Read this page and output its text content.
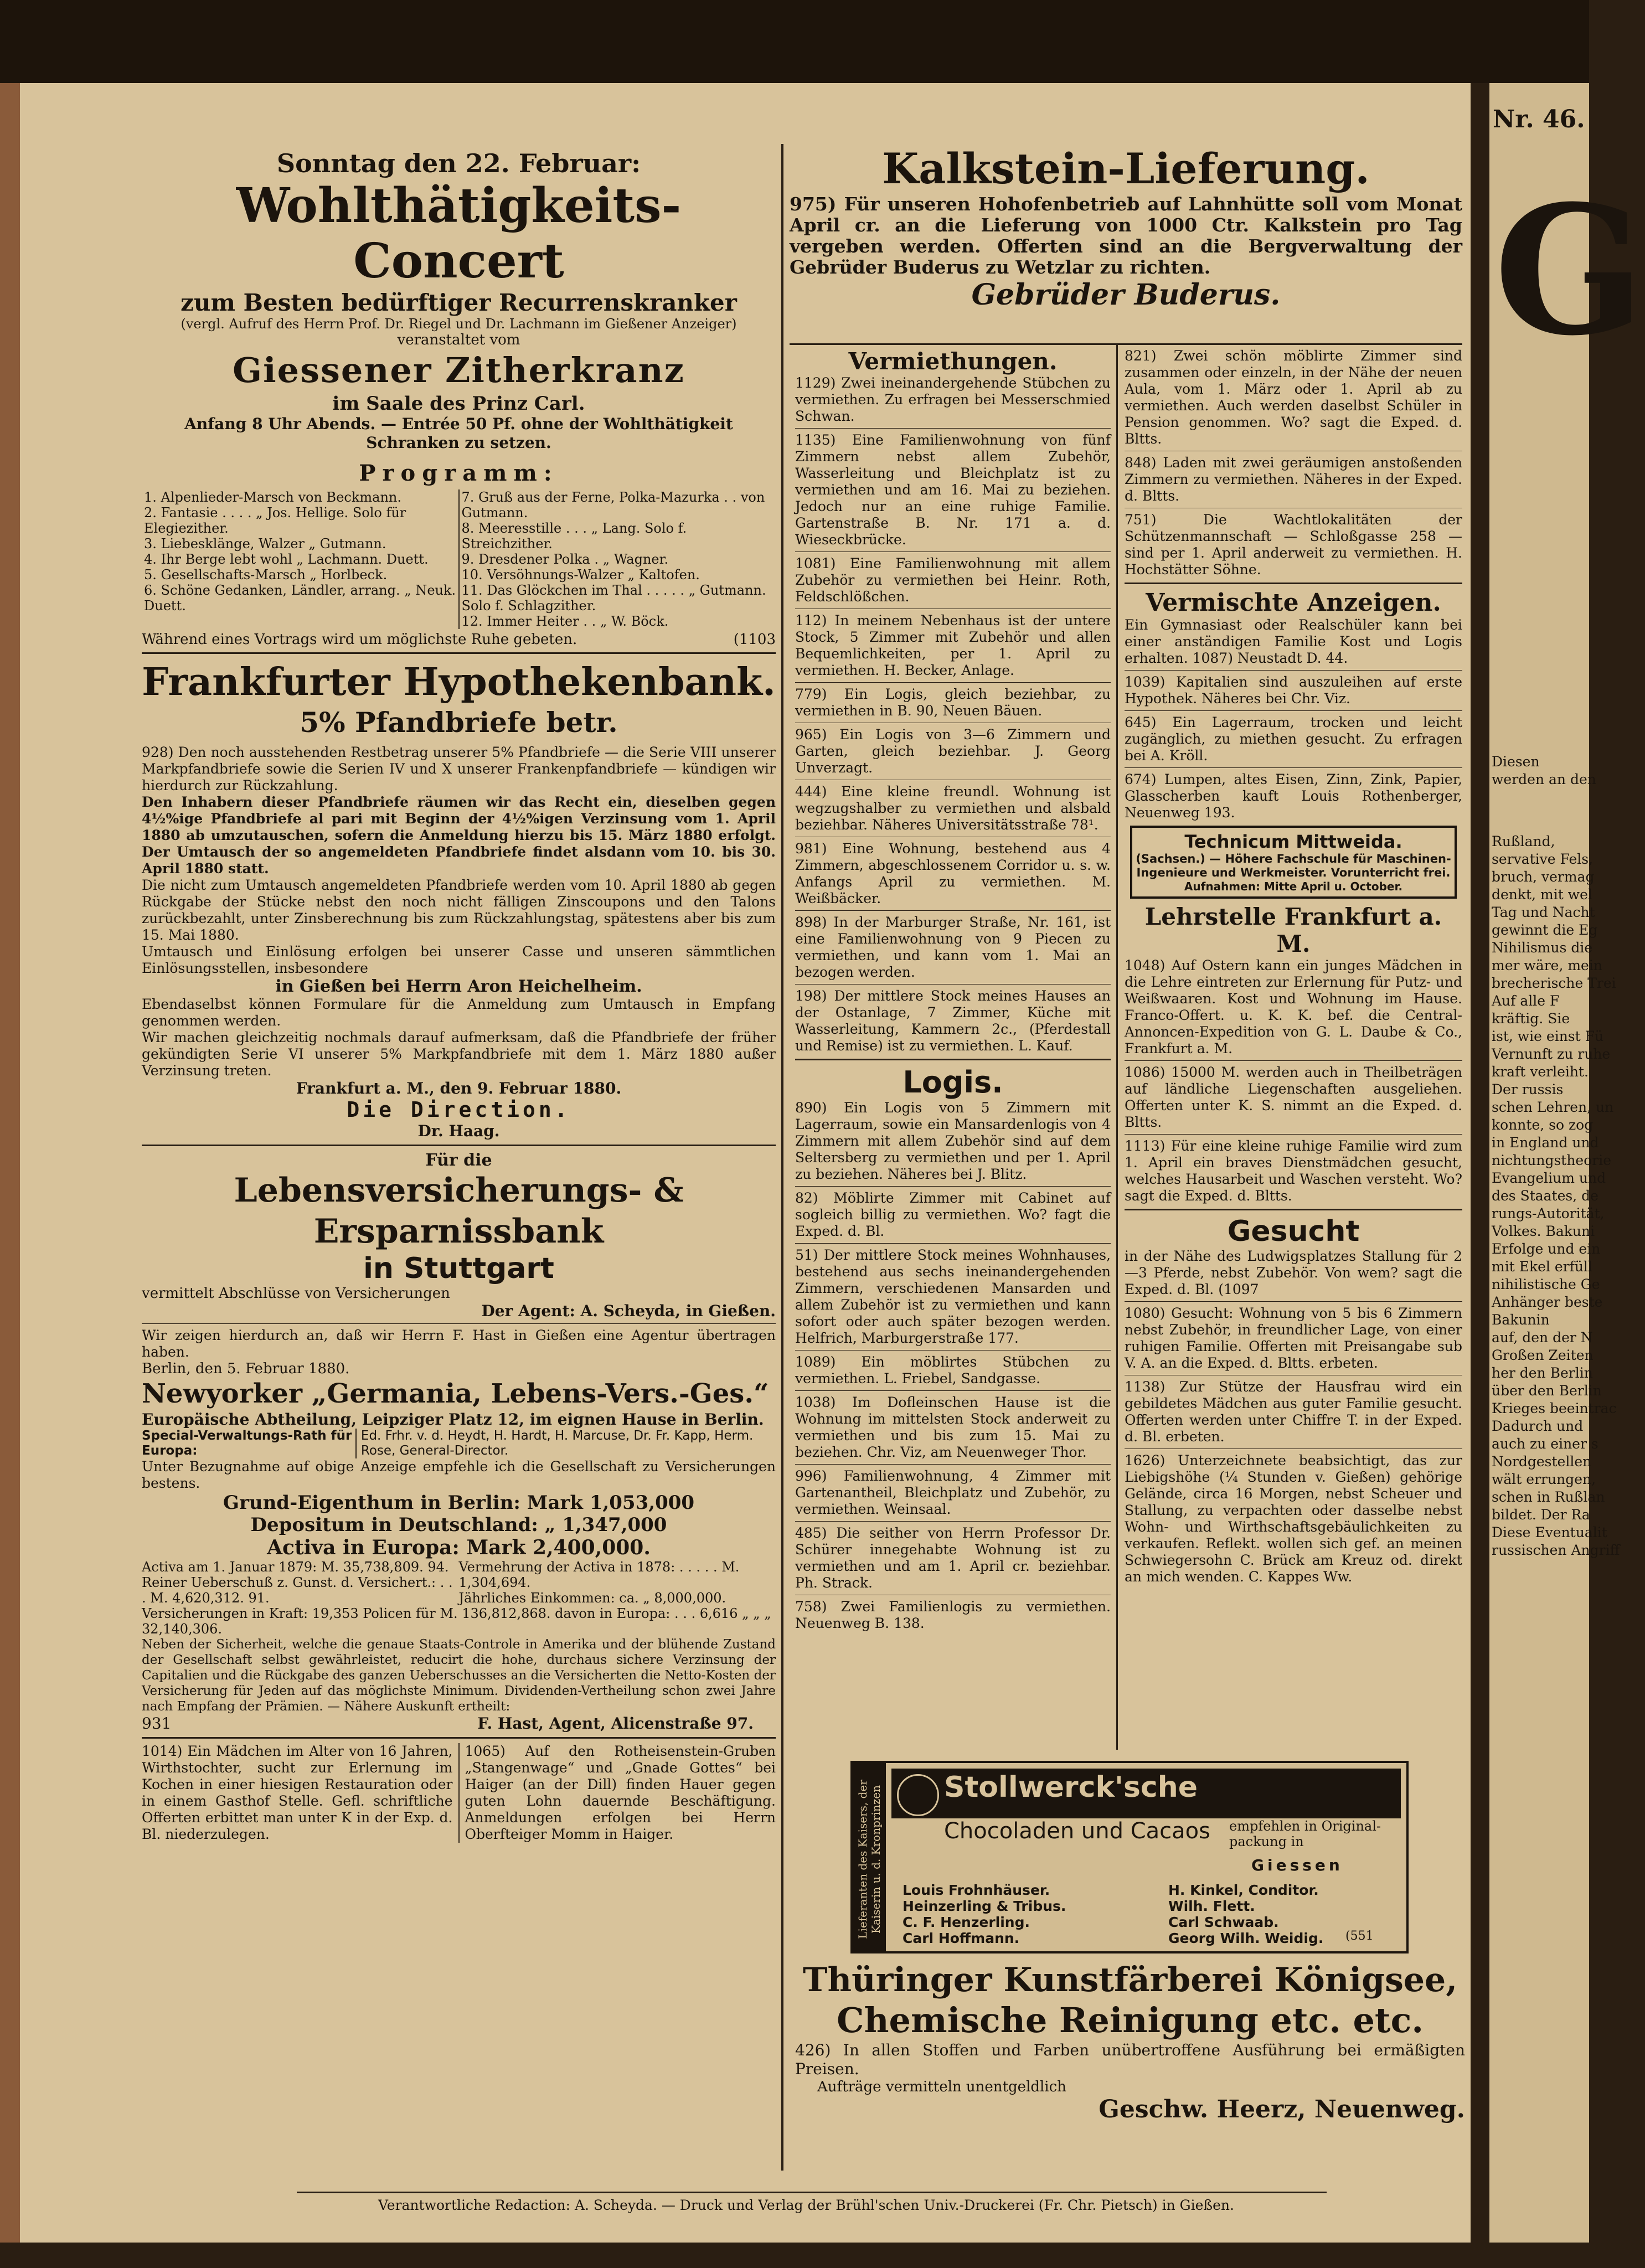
Sonntag den 22. Februar:
Wohlthätigkeits-Concert
zum Besten bedürftiger Recurrenskranker
(vergl. Aufruf des Herrn Prof. Dr. Riegel und Dr. Lachmann im Gießener Anzeiger)
veranstaltet vom
Giessener Zitherkranz
im Saale des Prinz Carl.
Anfang 8 Uhr Abends. — Entrée 50 Pf. ohne der Wohlthätigkeit Schranken zu setzen.
Programm:
1. Alpenlieder-Marsch von Beckmann.
2. Fantasie . . . . „ Jos. Hellige. Solo für Elegiezither.
3. Liebesklänge, Walzer „ Gutmann.
4. Ihr Berge lebt wohl „ Lachmann. Duett.
5. Gesellschafts-Marsch „ Horlbeck.
6. Schöne Gedanken, Ländler, arrang. „ Neuk. Duett.

7. Gruß aus der Ferne, Polka-Mazurka . . von Gutmann.
8. Meeresstille . . . „ Lang. Solo f. Streichzither.
9. Dresdener Polka . „ Wagner.
10. Versöhnungs-Walzer „ Kaltofen.
11. Das Glöckchen im Thal . . . . . „ Gutmann. Solo f. Schlagzither.
12. Immer Heiter . . „ W. Böck.
Während eines Vortrags wird um möglichste Ruhe gebeten.	(1103
Frankfurter Hypothekenbank.
5% Pfandbriefe betr.

928) Den noch ausstehenden Restbetrag unserer 5% Pfandbriefe — die Serie VIII unserer Markpfandbriefe sowie die Serien IV und X unserer Frankenpfandbriefe — kündigen wir hierdurch zur Rückzahlung.

Den Inhabern dieser Pfandbriefe räumen wir das Recht ein, dieselben gegen 4½%ige Pfandbriefe al pari mit Beginn der 4½%igen Verzinsung vom 1. April 1880 ab umzutauschen, sofern die Anmeldung hierzu bis 15. März 1880 erfolgt. Der Umtausch der so angemeldeten Pfandbriefe findet alsdann vom 10. bis 30. April 1880 statt.

Die nicht zum Umtausch angemeldeten Pfandbriefe werden vom 10. April 1880 ab gegen Rückgabe der Stücke nebst den noch nicht fälligen Zinscoupons und den Talons zurückbezahlt, unter Zinsberechnung bis zum Rückzahlungstag, spätestens aber bis zum 15. Mai 1880.

Umtausch und Einlösung erfolgen bei unserer Casse und unseren sämmtlichen Einlösungsstellen, insbesondere

in Gießen bei Herrn Aron Heichelheim.

Ebendaselbst können Formulare für die Anmeldung zum Umtausch in Empfang genommen werden.

Wir machen gleichzeitig nochmals darauf aufmerksam, daß die Pfandbriefe der früher gekündigten Serie VI unserer 5% Markpfandbriefe mit dem 1. März 1880 außer Verzinsung treten.

Frankfurt a. M., den 9. Februar 1880.
Die Direction.
Dr. Haag.
Für die
Lebensversicherungs- & Ersparnissbank
in Stuttgart
vermittelt Abschlüsse von Versicherungen
Der Agent: A. Scheyda, in Gießen.

Wir zeigen hierdurch an, daß wir Herrn F. Hast in Gießen eine Agentur übertragen haben.

Berlin, den 5. Februar 1880.
Newyorker „Germania, Lebens-Vers.-Ges.“
Europäische Abtheilung, Leipziger Platz 12, im eignen Hause in Berlin.
Special-Verwaltungs-Rath für Europa:
Ed. Frhr. v. d. Heydt, H. Hardt, H. Marcuse, Dr. Fr. Kapp, Herm. Rose, General-Director.

Unter Bezugnahme auf obige Anzeige empfehle ich die Gesellschaft zu Versicherungen bestens.

Grund-Eigenthum in Berlin: Mark 1,053,000
Depositum in Deutschland: „ 1,347,000
Activa in Europa: Mark 2,400,000.
Activa am 1. Januar 1879: M. 35,738,809. 94.
Reiner Ueberschuß z. Gunst. d. Versichert.: . . . M. 4,620,312. 91.
Vermehrung der Activa in 1878: . . . . . M. 1,304,694.
Jährliches Einkommen: ca. „ 8,000,000.
Versicherungen in Kraft: 19,353 Policen für M. 136,812,868. davon in Europa: . . . 6,616 „ „ „ 32,140,306.

Neben der Sicherheit, welche die genaue Staats-Controle in Amerika und der blühende Zustand der Gesellschaft selbst gewährleistet, reducirt die hohe, durchaus sichere Verzinsung der Capitalien und die Rückgabe des ganzen Ueberschusses an die Versicherten die Netto-Kosten der Versicherung für Jeden auf das möglichste Minimum. Dividenden-Vertheilung schon zwei Jahre nach Empfang der Prämien. — Nähere Auskunft ertheilt:

931	F. Hast, Agent, Alicenstraße 97.

1014) Ein Mädchen im Alter von 16 Jahren, Wirthstochter, sucht zur Erlernung im Kochen in einer hiesigen Restauration oder in einem Gasthof Stelle. Gefl. schriftliche Offerten erbittet man unter K in der Exp. d. Bl. niederzulegen.

1065) Auf den Rotheisenstein-Gruben „Stangenwage“ und „Gnade Gottes“ bei Haiger (an der Dill) finden Hauer gegen guten Lohn dauernde Beschäftigung. Anmeldungen erfolgen bei Herrn Oberfteiger Momm in Haiger.

Kalkstein-Lieferung.

975) Für unseren Hohofenbetrieb auf Lahnhütte soll vom Monat April cr. an die Lieferung von 1000 Ctr. Kalkstein pro Tag vergeben werden. Offerten sind an die Bergverwaltung der Gebrüder Buderus zu Wetzlar zu richten.

Gebrüder Buderus.
Vermiethungen.

1129) Zwei ineinandergehende Stübchen zu vermiethen. Zu erfragen bei Messerschmied Schwan.

1135) Eine Familienwohnung von fünf Zimmern nebst allem Zubehör, Wasserleitung und Bleichplatz ist zu vermiethen und am 16. Mai zu beziehen. Jedoch nur an eine ruhige Familie. Gartenstraße B. Nr. 171 a. d. Wieseckbrücke.

1081) Eine Familienwohnung mit allem Zubehör zu vermiethen bei Heinr. Roth, Feldschlößchen.

112) In meinem Nebenhaus ist der untere Stock, 5 Zimmer mit Zubehör und allen Bequemlichkeiten, per 1. April zu vermiethen. H. Becker, Anlage.

779) Ein Logis, gleich beziehbar, zu vermiethen in B. 90, Neuen Bäuen.

965) Ein Logis von 3—6 Zimmern und Garten, gleich beziehbar. J. Georg Unverzagt.

444) Eine kleine freundl. Wohnung ist wegzugshalber zu vermiethen und alsbald beziehbar. Näheres Universitätsstraße 78¹.

981) Eine Wohnung, bestehend aus 4 Zimmern, abgeschlossenem Corridor u. s. w. Anfangs April zu vermiethen. M. Weißbäcker.

898) In der Marburger Straße, Nr. 161, ist eine Familienwohnung von 9 Piecen zu vermiethen, und kann vom 1. Mai an bezogen werden.

198) Der mittlere Stock meines Hauses an der Ostanlage, 7 Zimmer, Küche mit Wasserleitung, Kammern 2c., (Pferdestall und Remise) ist zu vermiethen. L. Kauf.

Logis.

890) Ein Logis von 5 Zimmern mit Lagerraum, sowie ein Mansardenlogis von 4 Zimmern mit allem Zubehör sind auf dem Seltersberg zu vermiethen und per 1. April zu beziehen. Näheres bei J. Blitz.

82) Möblirte Zimmer mit Cabinet auf sogleich billig zu vermiethen. Wo? fagt die Exped. d. Bl.

51) Der mittlere Stock meines Wohnhauses, bestehend aus sechs ineinandergehenden Zimmern, verschiedenen Mansarden und allem Zubehör ist zu vermiethen und kann sofort oder auch später bezogen werden. Helfrich, Marburgerstraße 177.

1089) Ein möblirtes Stübchen zu vermiethen. L. Friebel, Sandgasse.

1038) Im Dofleinschen Hause ist die Wohnung im mittelsten Stock anderweit zu vermiethen und bis zum 15. Mai zu beziehen. Chr. Viz, am Neuenweger Thor.

996) Familienwohnung, 4 Zimmer mit Gartenantheil, Bleichplatz und Zubehör, zu vermiethen. Weinsaal.

485) Die seither von Herrn Professor Dr. Schürer innegehabte Wohnung ist zu vermiethen und am 1. April cr. beziehbar. Ph. Strack.

758) Zwei Familienlogis zu vermiethen. Neuenweg B. 138.

821) Zwei schön möblirte Zimmer sind zusammen oder einzeln, in der Nähe der neuen Aula, vom 1. März oder 1. April ab zu vermiethen. Auch werden daselbst Schüler in Pension genommen. Wo? sagt die Exped. d. Bltts.

848) Laden mit zwei geräumigen anstoßenden Zimmern zu vermiethen. Näheres in der Exped. d. Bltts.

751) Die Wachtlokalitäten der Schützenmannschaft — Schloßgasse 258 — sind per 1. April anderweit zu vermiethen. H. Hochstätter Söhne.

Vermischte Anzeigen.

Ein Gymnasiast oder Realschüler kann bei einer anständigen Familie Kost und Logis erhalten. 1087) Neustadt D. 44.

1039) Kapitalien sind auszuleihen auf erste Hypothek. Näheres bei Chr. Viz.

645) Ein Lagerraum, trocken und leicht zugänglich, zu miethen gesucht. Zu erfragen bei A. Kröll.

674) Lumpen, altes Eisen, Zinn, Zink, Papier, Glasscherben kauft Louis Rothenberger, Neuenweg 193.

Technicum Mittweida.
(Sachsen.) — Höhere Fachschule für Maschinen-Ingenieure und Werkmeister. Vorunterricht frei.
Aufnahmen: Mitte April u. October.
Lehrstelle Frankfurt a. M.

1048) Auf Ostern kann ein junges Mädchen in die Lehre eintreten zur Erlernung für Putz- und Weißwaaren. Kost und Wohnung im Hause. Franco-Offert. u. K. K. bef. die Central-Annoncen-Expedition von G. L. Daube & Co., Frankfurt a. M.

1086) 15000 M. werden auch in Theilbeträgen auf ländliche Liegenschaften ausgeliehen. Offerten unter K. S. nimmt an die Exped. d. Bltts.

1113) Für eine kleine ruhige Familie wird zum 1. April ein braves Dienstmädchen gesucht, welches Hausarbeit und Waschen versteht. Wo? sagt die Exped. d. Bltts.

Gesucht

in der Nähe des Ludwigsplatzes Stallung für 2—3 Pferde, nebst Zubehör. Von wem? sagt die Exped. d. Bl. (1097

1080) Gesucht: Wohnung von 5 bis 6 Zimmern nebst Zubehör, in freundlicher Lage, von einer ruhigen Familie. Offerten mit Preisangabe sub V. A. an die Exped. d. Bltts. erbeten.

1138) Zur Stütze der Hausfrau wird ein gebildetes Mädchen aus guter Familie gesucht. Offerten werden unter Chiffre T. in der Exped. d. Bl. erbeten.

1626) Unterzeichnete beabsichtigt, das zur Liebigshöhe (¼ Stunden v. Gießen) gehörige Gelände, circa 16 Morgen, nebst Scheuer und Stallung, zu verpachten oder dasselbe nebst Wohn- und Wirthschaftsgebäulichkeiten zu verkaufen. Reflekt. wollen sich gef. an meinen Schwiegersohn C. Brück am Kreuz od. direkt an mich wenden. C. Kappes Ww.

Lieferanten des Kaisers, der Kaiserin u. d. Kronprinzen Stollwerck'sche
Chocoladen und Cacaos empfehlen in Original-packung in
Giessen
Louis Frohnhäuser.
Heinzerling & Tribus.
C. F. Henzerling.
Carl Hoffmann.
H. Kinkel, Conditor.
Wilh. Flett.
Carl Schwaab.
Georg Wilh. Weidig. (551
Thüringer Kunstfärberei Königsee,
Chemische Reinigung etc. etc.

426) In allen Stoffen und Farben unübertroffene Ausführung bei ermäßigten Preisen.

Aufträge vermitteln unentgeldlich
Geschw. Heerz, Neuenweg.
Verantwortliche Redaction: A. Scheyda. — Druck und Verlag der Brühl'schen Univ.-Druckerei (Fr. Chr. Pietsch) in Gießen.
Nr. 46.
G
Diesen
werden an den
Rußland,
servative Fels,
bruch, vermag
denkt, mit wel
Tag und Nacht
gewinnt die Eg
Nihilismus die
mer wäre, mein
brecherische Trei
Auf alle F
kräftig. Sie
ist, wie einst Fü
Vernunft zu ruhe
kraft verleiht.
Der russis
schen Lehren, un
konnte, so zog
in England und
nichtungstheorie
Evangelium und
des Staates, de
rungs-Autorität,
Volkes. Bakuni
Erfolge und ein
mit Ekel erfüll
nihilistische Ge
Anhänger beste
Bakunin
auf, den der N
Großen Zeiten
her den Berlin
über den Berlin
Krieges beeintrac
Dadurch und
auch zu einer s
Nordgestellen
wält errungen,
schen in Rußlan
bildet. Der Ra
Diese Eventualit
russischen Angriff
